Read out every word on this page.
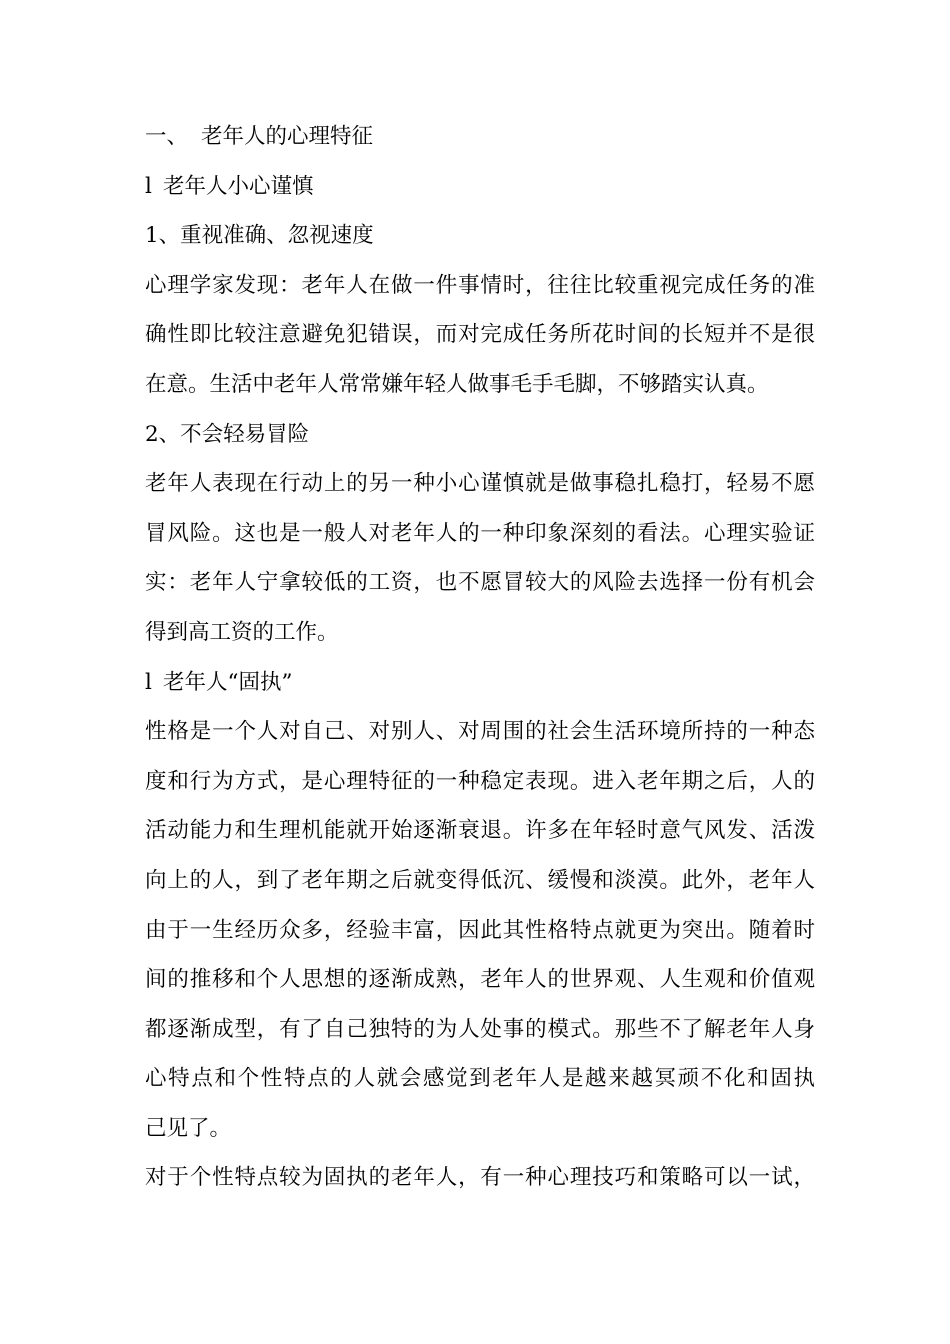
一、 老年人的心理特征
l 老年人小心谨慎
1、重视准确、忽视速度
心理学家发现：老年人在做一件事情时，往往比较重视完成任务的准
确性即比较注意避免犯错误，而对完成任务所花时间的长短并不是很
在意。生活中老年人常常嫌年轻人做事毛手毛脚，不够踏实认真。
2、不会轻易冒险
老年人表现在行动上的另一种小心谨慎就是做事稳扎稳打，轻易不愿
冒风险。这也是一般人对老年人的一种印象深刻的看法。心理实验证
实：老年人宁拿较低的工资，也不愿冒较大的风险去选择一份有机会
得到高工资的工作。
l 老年人“固执”
性格是一个人对自己、对别人、对周围的社会生活环境所持的一种态
度和行为方式，是心理特征的一种稳定表现。进入老年期之后，人的
活动能力和生理机能就开始逐渐衰退。许多在年轻时意气风发、活泼
向上的人，到了老年期之后就变得低沉、缓慢和淡漠。此外，老年人
由于一生经历众多，经验丰富，因此其性格特点就更为突出。随着时
间的推移和个人思想的逐渐成熟，老年人的世界观、人生观和价值观
都逐渐成型，有了自己独特的为人处事的模式。那些不了解老年人身
心特点和个性特点的人就会感觉到老年人是越来越冥顽不化和固执
己见了。
对于个性特点较为固执的老年人，有一种心理技巧和策略可以一试，
